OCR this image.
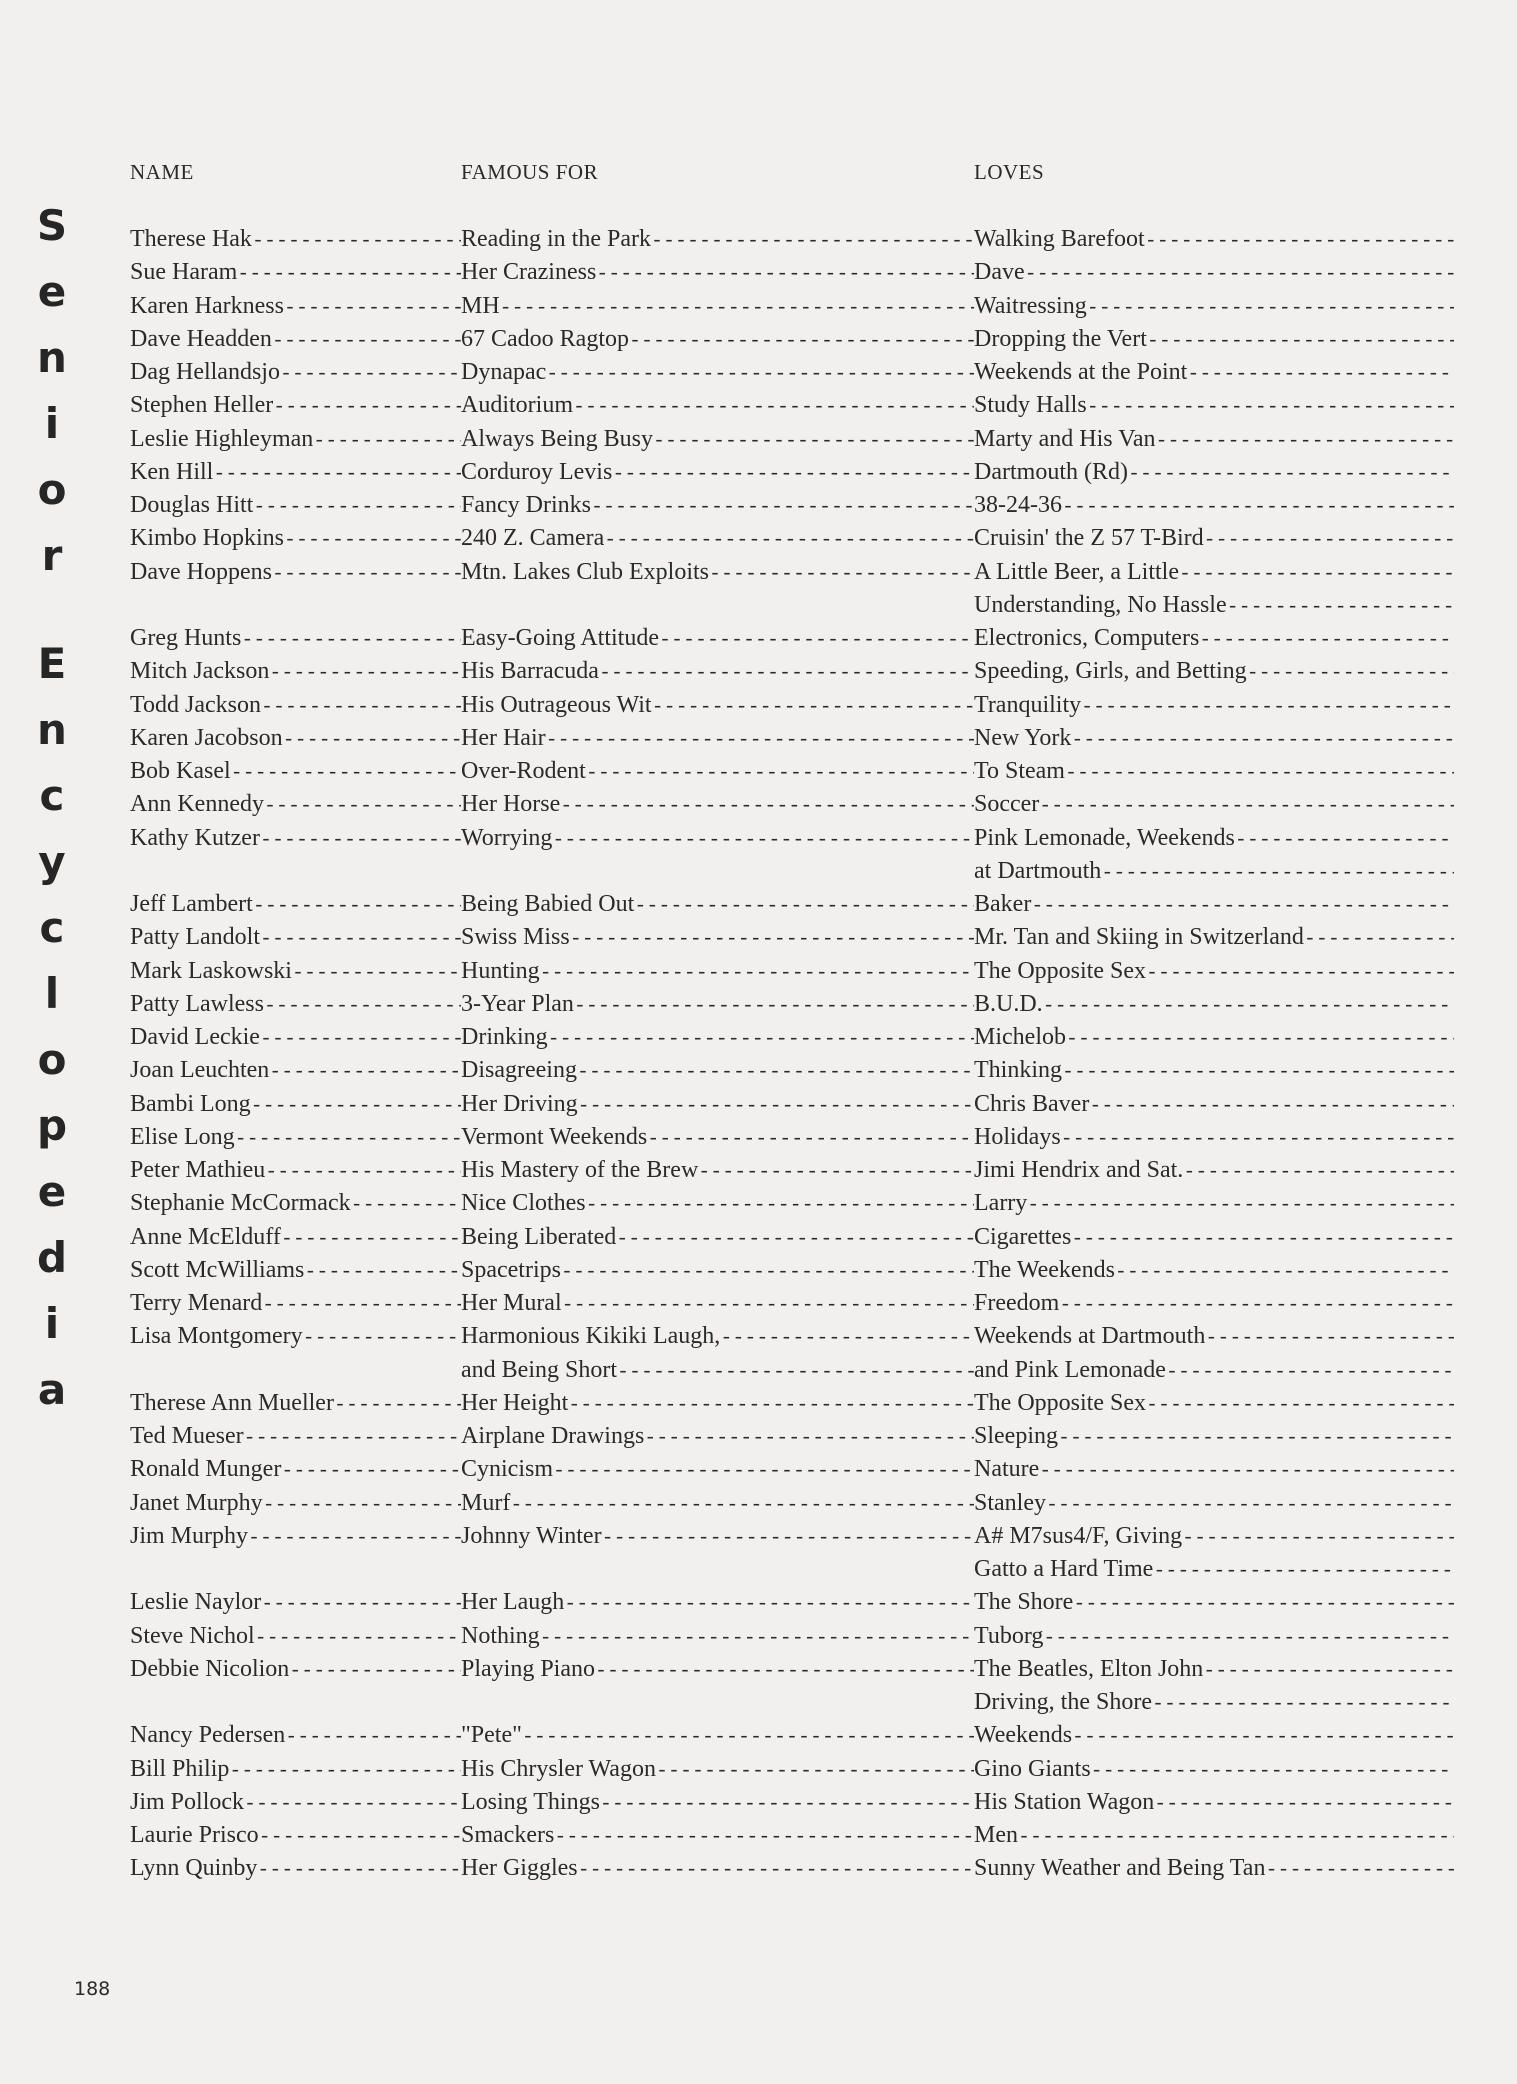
S
e
n
i
o
r
E
n
c
y
c
l
o
p
e
d
i
a
NAME	FAMOUS FOR	LOVES
Therese Hak -----	Reading in the Park -----	Walking Barefoot
-----
Sue Haram -----	Her Craziness -----	Dave
-----
Karen Harkness -----	MH -----	Waitressing
-----
Dave Headden -----	67 Cadoo Ragtop -----	Dropping the Vert
-----
Dag Hellandsjo -----	Dynapac -----	Weekends at the Point
-----
Stephen Heller -----	Auditorium -----	Study Halls
-----
Leslie Highleyman -----	Always Being Busy -----	Marty and His Van
-----
Ken Hill -----	Corduroy Levis -----	Dartmouth (Rd)
-----
Douglas Hitt -----	Fancy Drinks -----	38-24-36
-----
Kimbo Hopkins -----	240 Z. Camera -----	Cruisin' the Z 57 T-Bird
-----
Dave Hoppens -----	Mtn. Lakes Club Exploits -----	A Little Beer, a Little
-----
Understanding, No Hassle
-----
Greg Hunts -----	Easy-Going Attitude -----	Electronics, Computers
-----
Mitch Jackson -----	His Barracuda -----	Speeding, Girls, and Betting
-----
Todd Jackson -----	His Outrageous Wit -----	Tranquility
-----
Karen Jacobson -----	Her Hair -----	New York
-----
Bob Kasel -----	Over-Rodent -----	To Steam
-----
Ann Kennedy -----	Her Horse -----	Soccer
-----
Kathy Kutzer -----	Worrying -----	Pink Lemonade, Weekends
-----
at Dartmouth
-----
Jeff Lambert -----	Being Babied Out -----	Baker
-----
Patty Landolt -----	Swiss Miss -----	Mr. Tan and Skiing in Switzerland
-----
Mark Laskowski -----	Hunting -----	The Opposite Sex
-----
Patty Lawless -----	3-Year Plan -----	B.U.D.
-----
David Leckie -----	Drinking -----	Michelob
-----
Joan Leuchten -----	Disagreeing -----	Thinking
-----
Bambi Long -----	Her Driving -----	Chris Baver
-----
Elise Long -----	Vermont Weekends -----	Holidays
-----
Peter Mathieu -----	His Mastery of the Brew -----	Jimi Hendrix and Sat.
-----
Stephanie McCormack -----	Nice Clothes -----	Larry
-----
Anne McElduff -----	Being Liberated -----	Cigarettes
-----
Scott McWilliams -----	Spacetrips -----	The Weekends
-----
Terry Menard -----	Her Mural -----	Freedom
-----
Lisa Montgomery -----	Harmonious Kikiki Laugh, -----	Weekends at Dartmouth
-----
and Being Short -----	and Pink Lemonade
-----
Therese Ann Mueller -----	Her Height -----	The Opposite Sex
-----
Ted Mueser -----	Airplane Drawings -----	Sleeping
-----
Ronald Munger -----	Cynicism -----	Nature
-----
Janet Murphy -----	Murf -----	Stanley
-----
Jim Murphy -----	Johnny Winter -----	A# M7sus4/F, Giving
-----
Gatto a Hard Time
-----
Leslie Naylor -----	Her Laugh -----	The Shore
-----
Steve Nichol -----	Nothing -----	Tuborg
-----
Debbie Nicolion -----	Playing Piano -----	The Beatles, Elton John
-----
Driving, the Shore
-----
Nancy Pedersen -----	"Pete" -----	Weekends
-----
Bill Philip -----	His Chrysler Wagon -----	Gino Giants
-----
Jim Pollock -----	Losing Things -----	His Station Wagon
-----
Laurie Prisco -----	Smackers -----	Men
-----
Lynn Quinby -----	Her Giggles -----	Sunny Weather and Being Tan
-----
188
